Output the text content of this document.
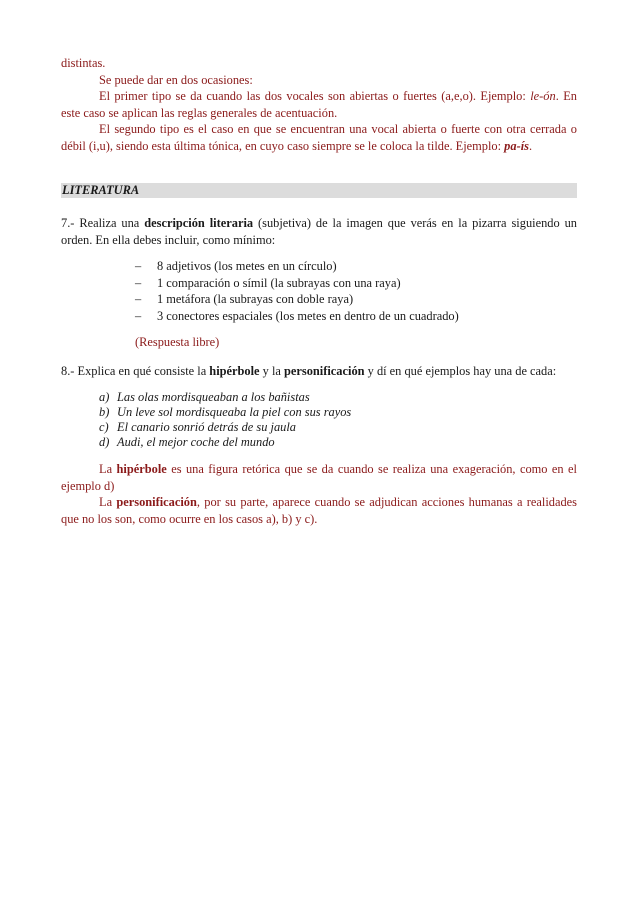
distintas.

Se puede dar en dos ocasiones:

El primer tipo se da cuando las dos vocales son abiertas o fuertes (a,e,o). Ejemplo: le-ón. En este caso se aplican las reglas generales de acentuación.

El segundo tipo es el caso en que se encuentran una vocal abierta o fuerte con otra cerrada o débil (i,u), siendo esta última tónica, en cuyo caso siempre se le coloca la tilde. Ejemplo: pa-ís.

LITERATURA

7.- Realiza una descripción literaria (subjetiva) de la imagen que verás en la pizarra siguiendo un orden. En ella debes incluir, como mínimo:

– 8 adjetivos (los metes en un círculo)
– 1 comparación o símil (la subrayas con una raya)
– 1 metáfora (la subrayas con doble raya)
– 3 conectores espaciales (los metes en dentro de un cuadrado)
(Respuesta libre)

8.- Explica en qué consiste la hipérbole y la personificación y dí en qué ejemplos hay una de cada:

a) Las olas mordisqueaban a los bañistas
b) Un leve sol mordisqueaba la piel con sus rayos
c) El canario sonrió detrás de su jaula
d) Audi, el mejor coche del mundo

La hipérbole es una figura retórica que se da cuando se realiza una exageración, como en el ejemplo d)

La personificación, por su parte, aparece cuando se adjudican acciones humanas a realidades que no los son, como ocurre en los casos a), b) y c).
